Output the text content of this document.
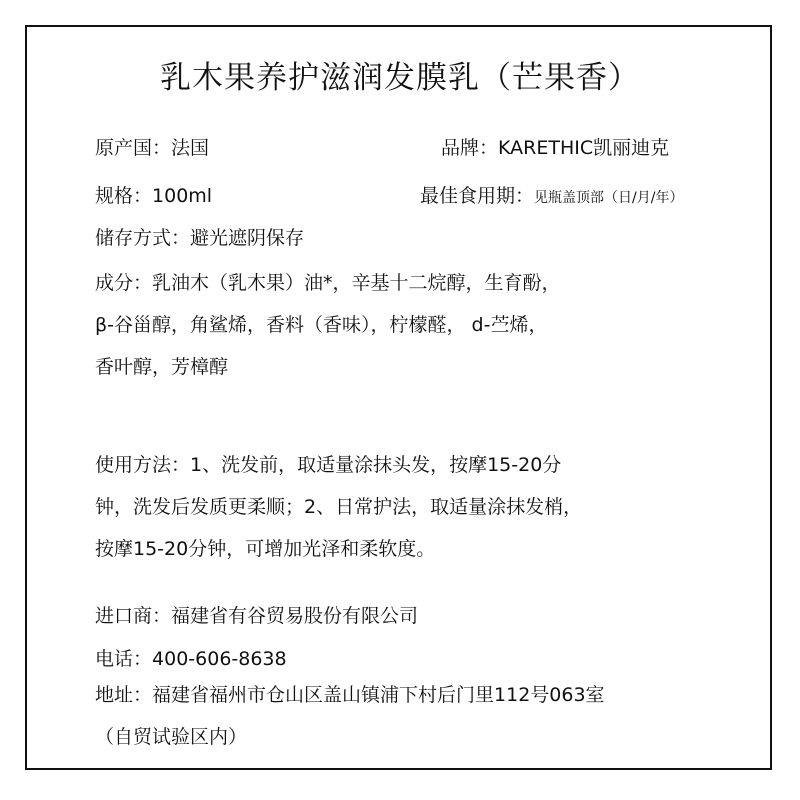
乳木果养护滋润发膜乳（芒果香）
原产国：法国	品牌：KARETHIC凯丽迪克
规格：100ml	最佳食用期：见瓶盖顶部（日/月/年）
储存方式：避光遮阴保存
成分：乳油木（乳木果）油*，辛基十二烷醇，生育酚，
β-谷甾醇，角鲨烯，香料（香味），柠檬醛， d-苎烯，
香叶醇，芳樟醇
使用方法：1、洗发前，取适量涂抹头发，按摩15-20分
钟，洗发后发质更柔顺；2、日常护法，取适量涂抹发梢，
按摩15-20分钟，可增加光泽和柔软度。
进口商：福建省有谷贸易股份有限公司
电话：400-606-8638
地址：福建省福州市仓山区盖山镇浦下村后门里112号063室
（自贸试验区内）
